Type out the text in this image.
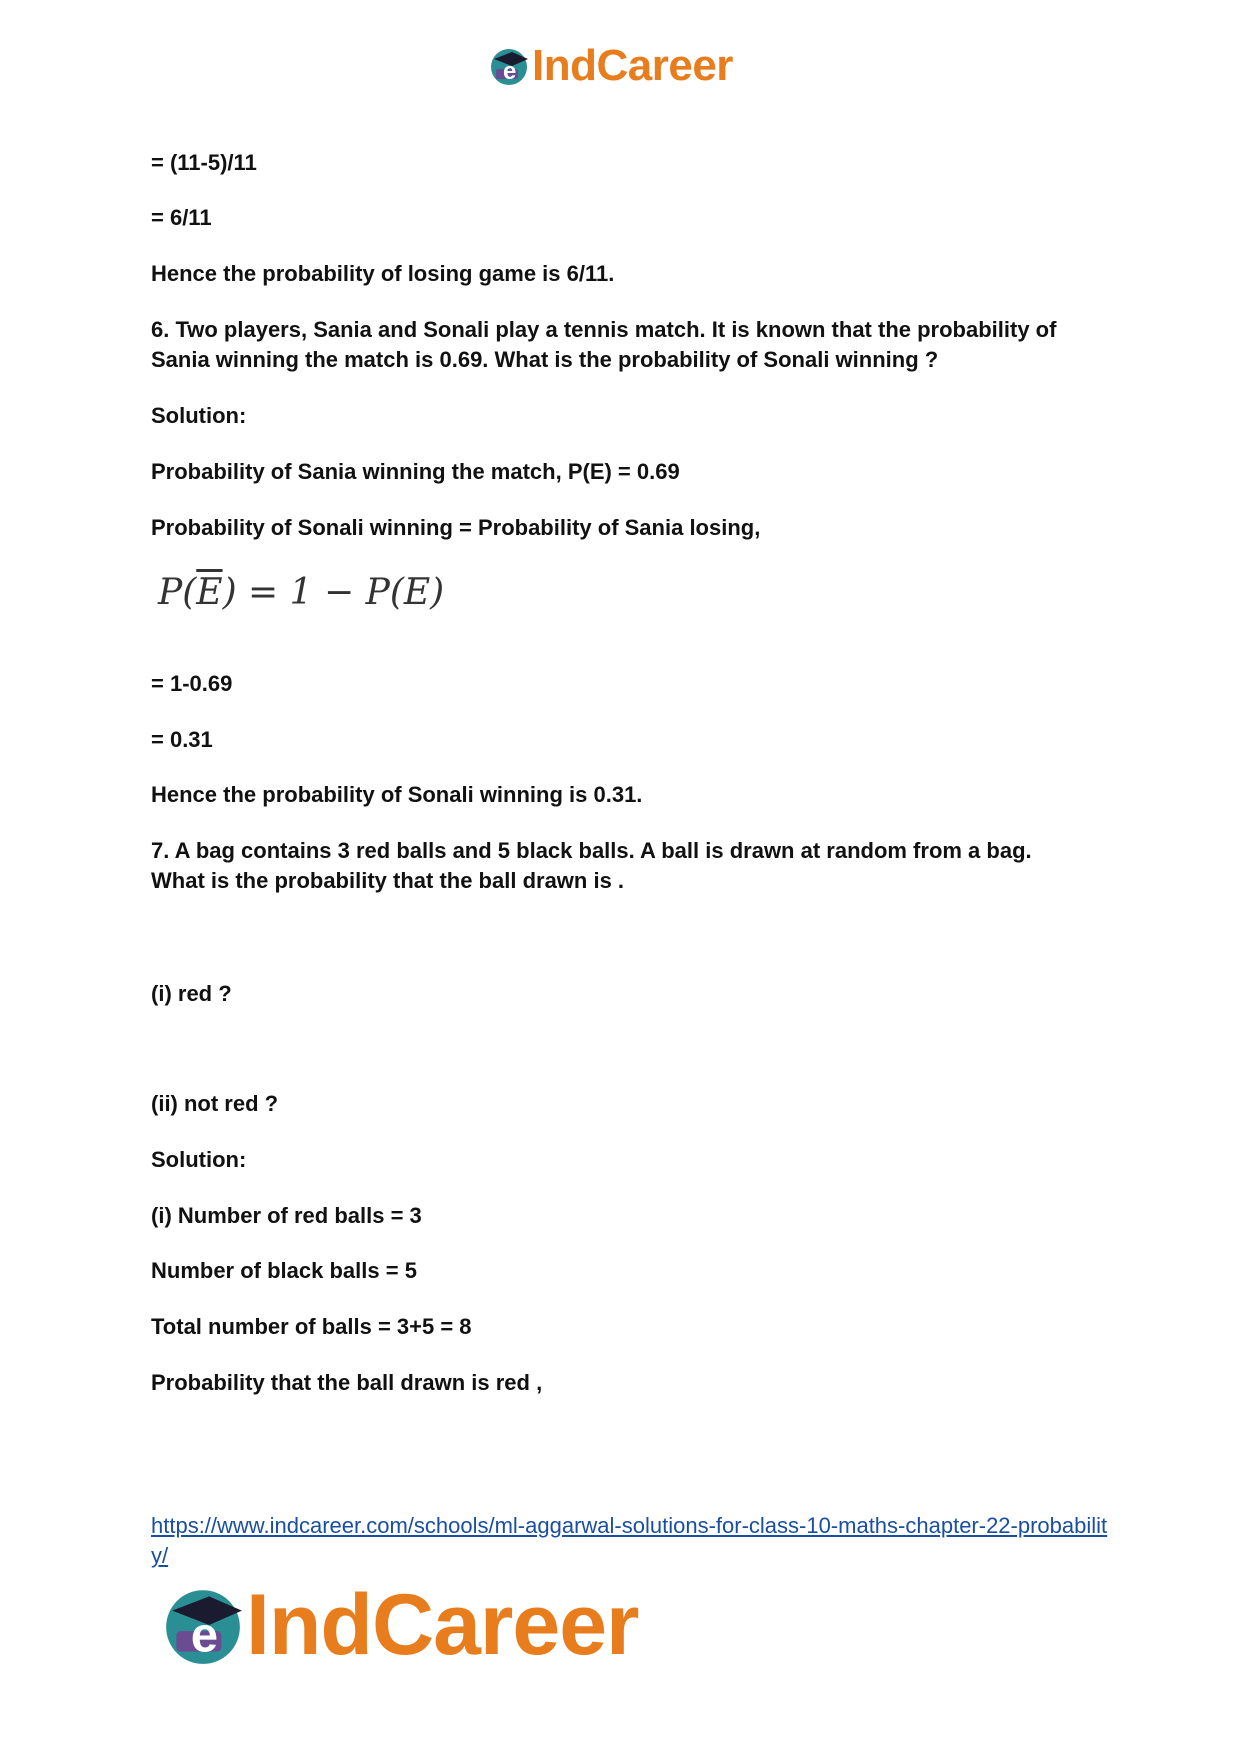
e IndCareer

= (11-5)/11

= 6/11

Hence the probability of losing game is 6/11.

6. Two players, Sania and Sonali play a tennis match. It is known that the probability of Sania winning the match is 0.69. What is the probability of Sonali winning ?

Solution:

Probability of Sania winning the match, P(E) = 0.69

Probability of Sonali winning = Probability of Sania losing,

$P(\overline{E}) = 1 - P(E)$

= 1-0.69

= 0.31

Hence the probability of Sonali winning is 0.31.

7. A bag contains 3 red balls and 5 black balls. A ball is drawn at random from a bag. What is the probability that the ball drawn is .

(i) red ?

(ii) not red ?

Solution:

(i) Number of red balls = 3

Number of black balls = 5

Total number of balls = 3+5 = 8

Probability that the ball drawn is red ,

https://www.indcareer.com/schools/ml-aggarwal-solutions-for-class-10-maths-chapter-22-probability/
e IndCareer
